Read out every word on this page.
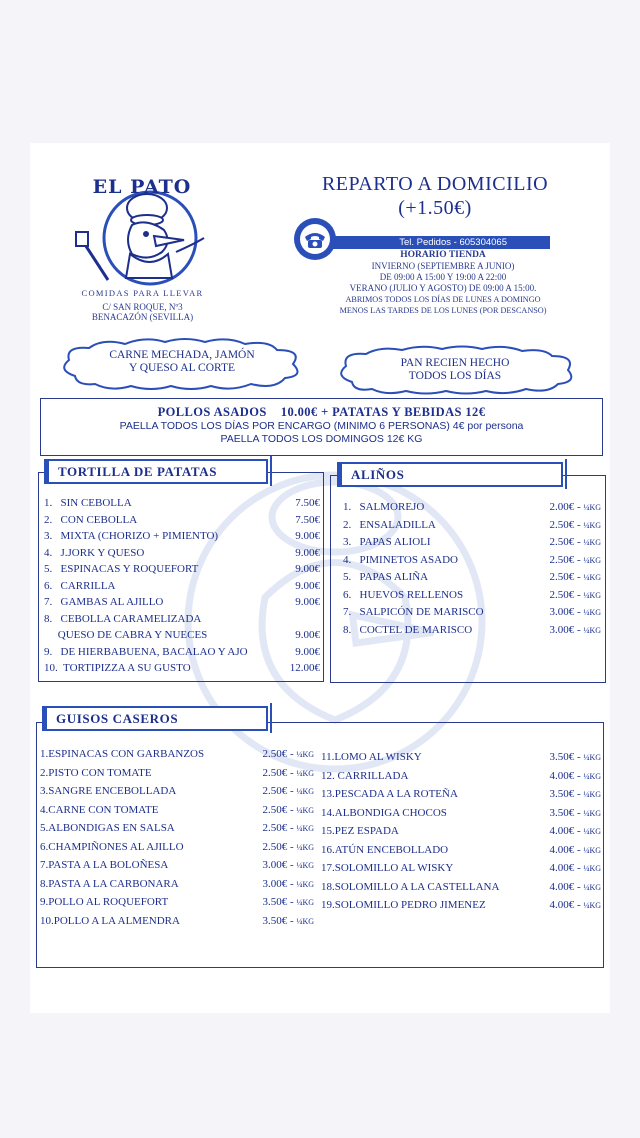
EL PATO
COMIDAS PARA LLEVAR
C/ SAN ROQUE, Nº3
BENACAZÓN (SEVILLA)
REPARTO A DOMICILIO
(+1.50€)
Tel. Pedidos - 605304065
HORARIO TIENDA
INVIERNO (SEPTIEMBRE A JUNIO)
DE 09:00 A 15:00 Y 19:00 A 22:00
VERANO (JULIO Y AGOSTO) DE 09:00 A 15:00.
ABRIMOS TODOS LOS DÍAS DE LUNES A DOMINGO
MENOS LAS TARDES DE LOS LUNES (POR DESCANSO)
CARNE MECHADA, JAMÓN
Y QUESO AL CORTE	PAN RECIEN HECHO
TODOS LOS DÍAS
POLLOS ASADOS    10.00€ + PATATAS Y BEBIDAS 12€
PAELLA TODOS LOS DÍAS POR ENCARGO (MINIMO 6 PERSONAS) 4€ por persona
PAELLA TODOS LOS DOMINGOS 12€ KG
TORTILLA DE PATATAS
1.   SIN CEBOLLA	7.50€
2.   CON CEBOLLA	7.50€
3.   MIXTA (CHORIZO + PIMIENTO)	9.00€
4.   J.JORK Y QUESO	9.00€
5.   ESPINACAS Y ROQUEFORT	9.00€
6.   CARRILLA	9.00€
7.   GAMBAS AL AJILLO	9.00€
8.   CEBOLLA CARAMELIZADA
QUESO DE CABRA Y NUECES	9.00€
9.   DE HIERBABUENA, BACALAO Y AJO	9.00€
10.  TORTIPIZZA A SU GUSTO	12.00€
ALIÑOS
1.   SALMOREJO	2.00€ - ¼KG
2.   ENSALADILLA	2.50€ - ¼KG
3.   PAPAS ALIOLI	2.50€ - ¼KG
4.   PIMINETOS ASADO	2.50€ - ¼KG
5.   PAPAS ALIÑA	2.50€ - ¼KG
6.   HUEVOS RELLENOS	2.50€ - ¼KG
7.   SALPICÓN DE MARISCO	3.00€ - ¼KG
8.   COCTEL DE MARISCO	3.00€ - ¼KG
GUISOS CASEROS
1.ESPINACAS CON GARBANZOS	2.50€ - ¼KG
2.PISTO CON TOMATE	2.50€ - ¼KG
3.SANGRE ENCEBOLLADA	2.50€ - ¼KG
4.CARNE CON TOMATE	2.50€ - ¼KG
5.ALBONDIGAS EN SALSA	2.50€ - ¼KG
6.CHAMPIÑONES AL AJILLO	2.50€ - ¼KG
7.PASTA A LA BOLOÑESA	3.00€ - ¼KG
8.PASTA A LA CARBONARA	3.00€ - ¼KG
9.POLLO AL ROQUEFORT	3.50€ - ¼KG
10.POLLO A LA ALMENDRA	3.50€ - ¼KG
11.LOMO AL WISKY	3.50€ - ¼KG
12. CARRILLADA	4.00€ - ¼KG
13.PESCADA A LA ROTEÑA	3.50€ - ¼KG
14.ALBONDIGA CHOCOS	3.50€ - ¼KG
15.PEZ ESPADA	4.00€ - ¼KG
16.ATÚN ENCEBOLLADO	4.00€ - ¼KG
17.SOLOMILLO AL WISKY	4.00€ - ¼KG
18.SOLOMILLO A LA CASTELLANA	4.00€ - ¼KG
19.SOLOMILLO PEDRO JIMENEZ	4.00€ - ¼KG
